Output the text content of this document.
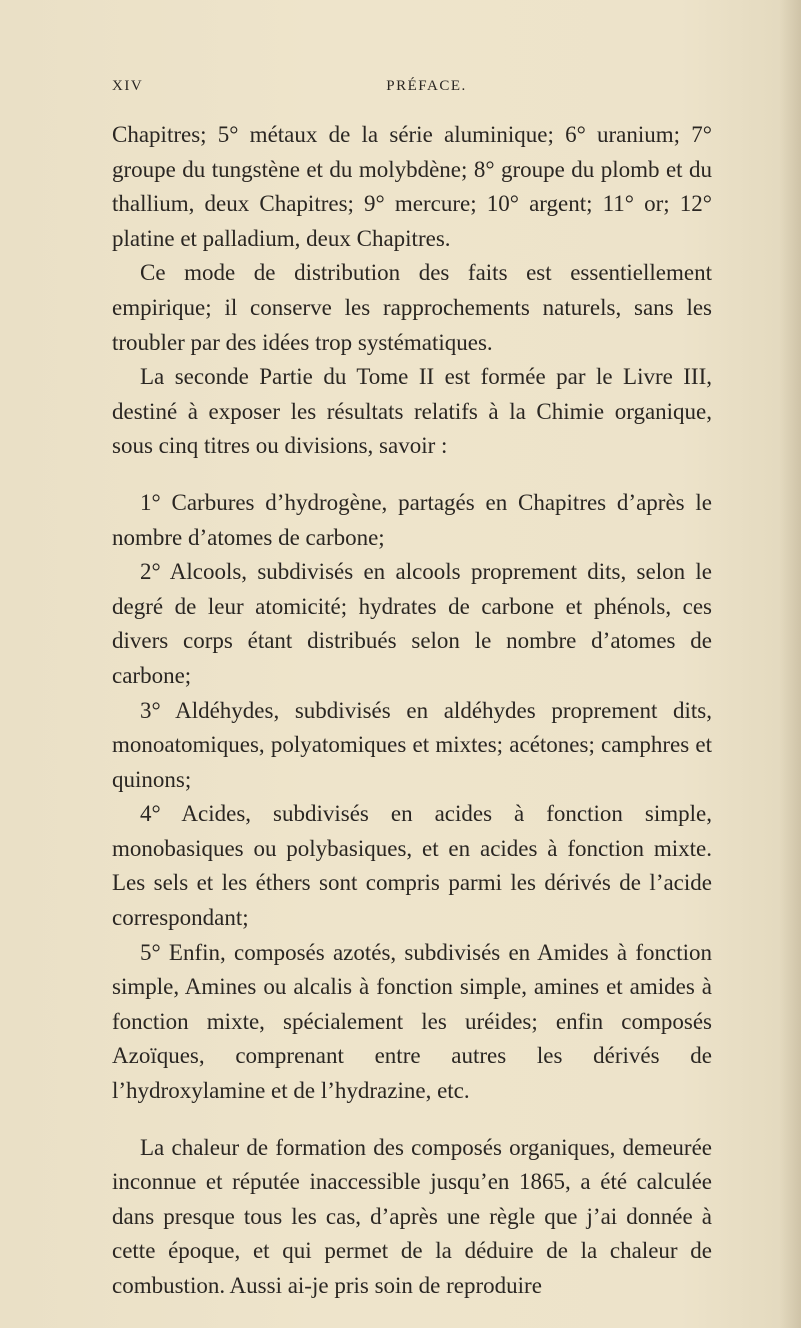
XIV	PRÉFACE.

Chapitres; 5° métaux de la série aluminique; 6° uranium; 7° groupe du tungstène et du molybdène; 8° groupe du plomb et du thallium, deux Chapitres; 9° mercure; 10° argent; 11° or; 12° platine et palladium, deux Chapitres.

Ce mode de distribution des faits est essentiellement empirique; il conserve les rapprochements naturels, sans les troubler par des idées trop systématiques.

La seconde Partie du Tome II est formée par le Livre III, destiné à exposer les résultats relatifs à la Chimie organique, sous cinq titres ou divisions, savoir :

1° Carbures d’hydrogène, partagés en Chapitres d’après le nombre d’atomes de carbone;

2° Alcools, subdivisés en alcools proprement dits, selon le degré de leur atomicité; hydrates de carbone et phénols, ces divers corps étant distribués selon le nombre d’atomes de carbone;

3° Aldéhydes, subdivisés en aldéhydes proprement dits, monoatomiques, polyatomiques et mixtes; acétones; camphres et quinons;

4° Acides, subdivisés en acides à fonction simple, monobasiques ou polybasiques, et en acides à fonction mixte. Les sels et les éthers sont compris parmi les dérivés de l’acide correspondant;

5° Enfin, composés azotés, subdivisés en Amides à fonction simple, Amines ou alcalis à fonction simple, amines et amides à fonction mixte, spécialement les uréides; enfin composés Azoïques, comprenant entre autres les dérivés de l’hydroxylamine et de l’hydrazine, etc.

La chaleur de formation des composés organiques, demeurée inconnue et réputée inaccessible jusqu’en 1865, a été calculée dans presque tous les cas, d’après une règle que j’ai donnée à cette époque, et qui permet de la déduire de la chaleur de combustion. Aussi ai-je pris soin de reproduire
